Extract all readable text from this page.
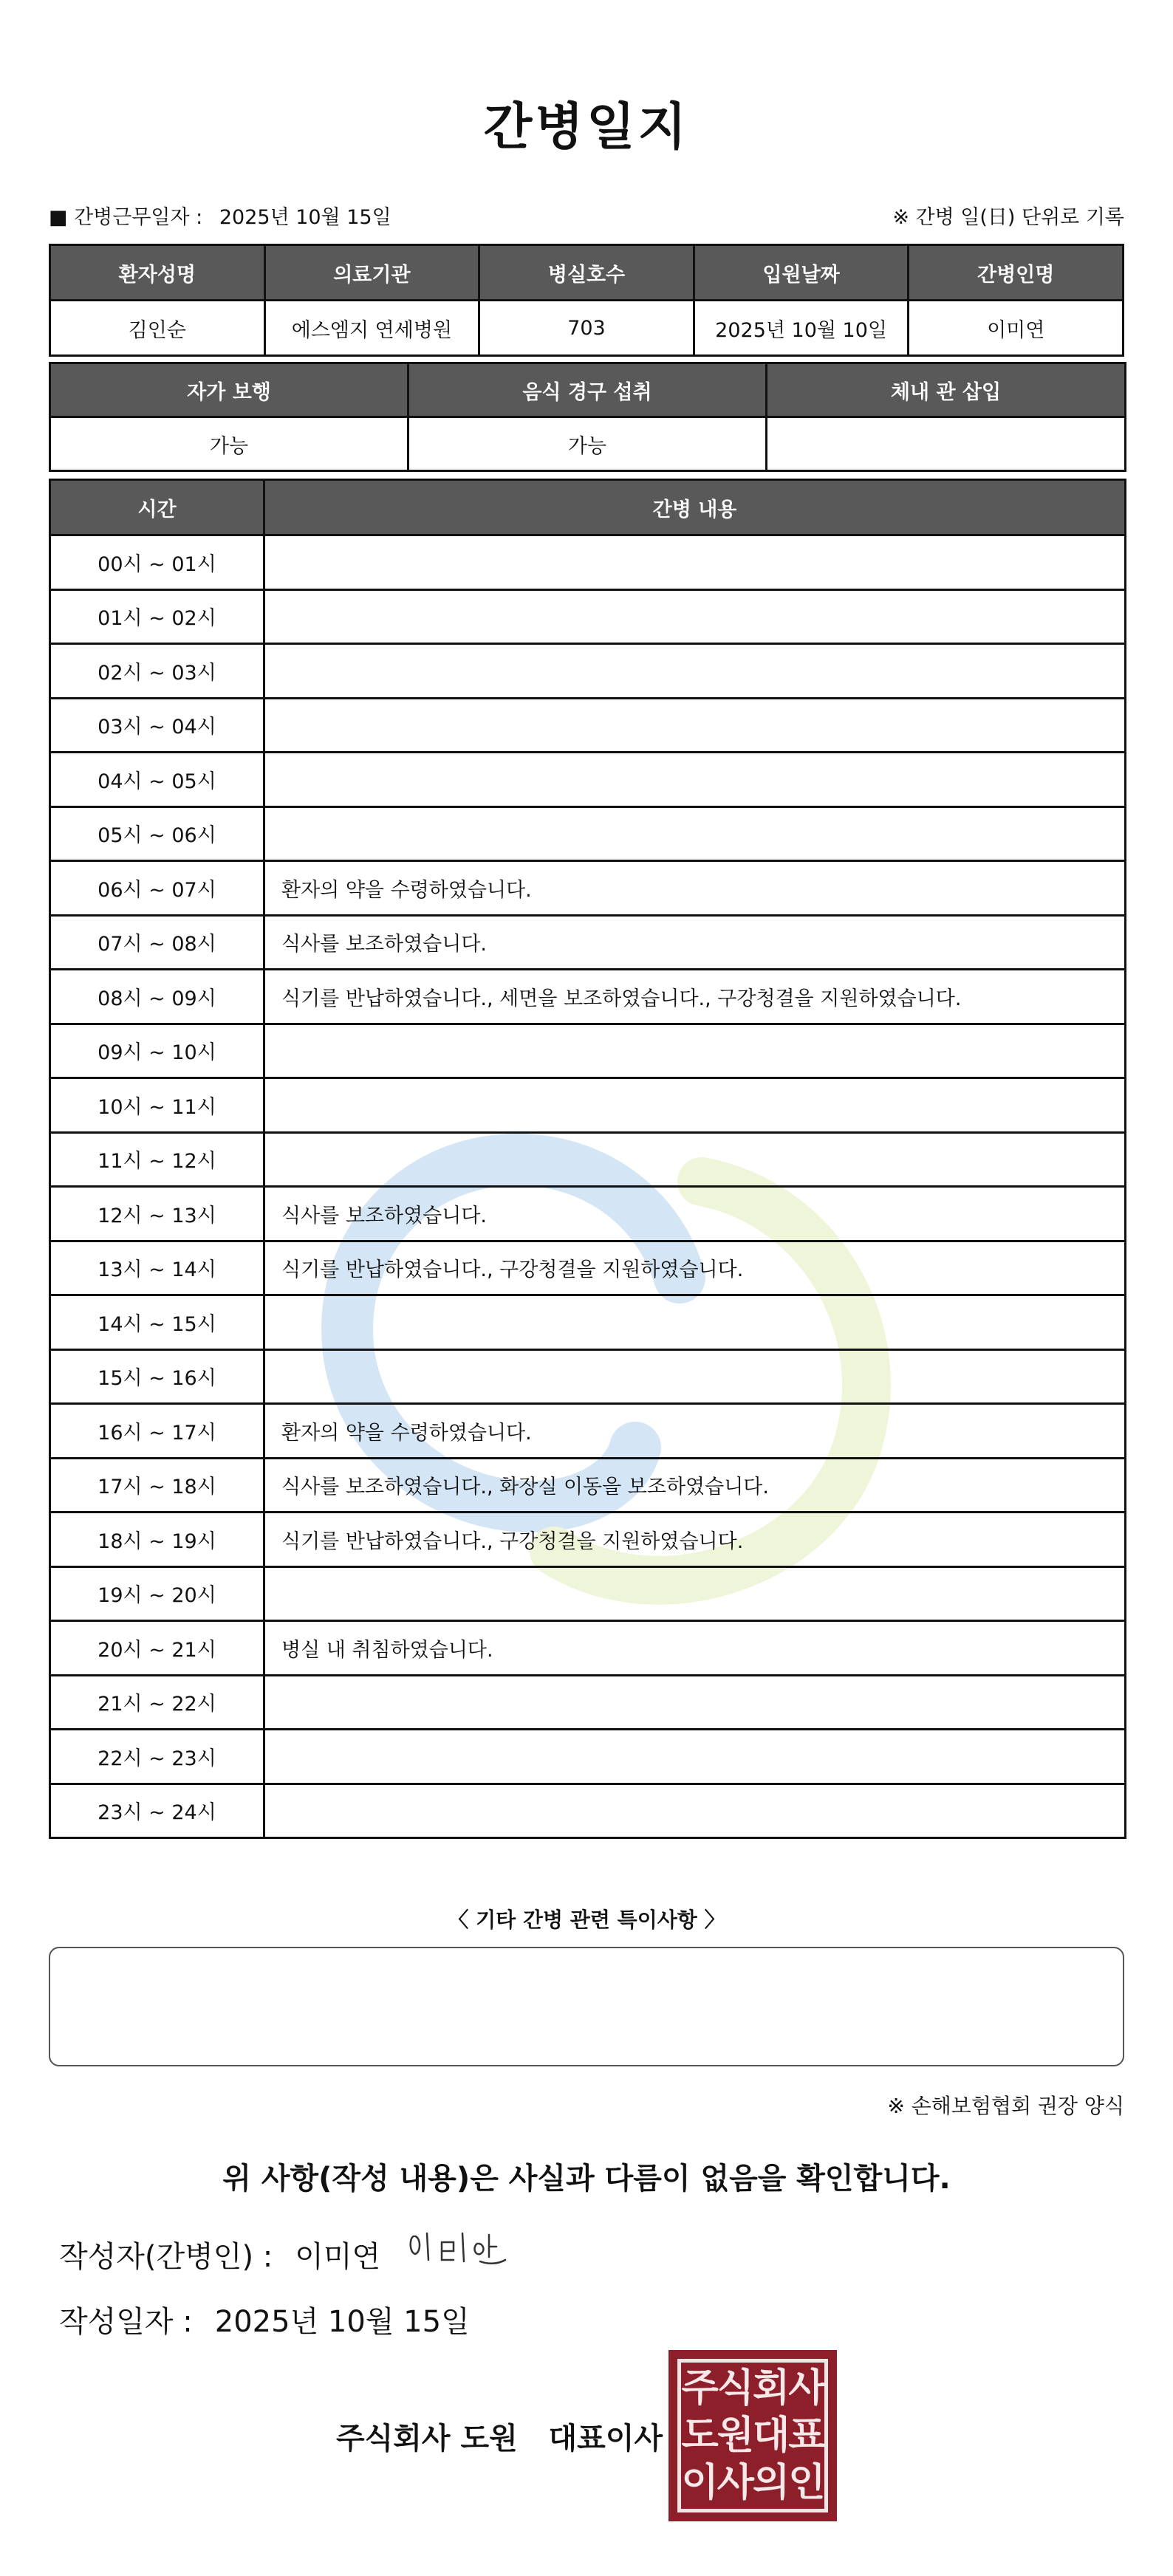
간병일지
■ 간병근무일자 : 2025년 10월 15일	※ 간병 일(日) 단위로 기록
환자성명	의료기관	병실호수	입원날짜	간병인명
김인순	에스엠지 연세병원	703	2025년 10월 10일	이미연
자가 보행	음식 경구 섭취	체내 관 삽입
가능	가능	
시간	간병 내용
00시 ~ 01시	
01시 ~ 02시	
02시 ~ 03시	
03시 ~ 04시	
04시 ~ 05시	
05시 ~ 06시	
06시 ~ 07시	환자의 약을 수령하였습니다.
07시 ~ 08시	식사를 보조하였습니다.
08시 ~ 09시	식기를 반납하였습니다., 세면을 보조하였습니다., 구강청결을 지원하였습니다.
09시 ~ 10시	
10시 ~ 11시	
11시 ~ 12시	
12시 ~ 13시	식사를 보조하였습니다.
13시 ~ 14시	식기를 반납하였습니다., 구강청결을 지원하였습니다.
14시 ~ 15시	
15시 ~ 16시	
16시 ~ 17시	환자의 약을 수령하였습니다.
17시 ~ 18시	식사를 보조하였습니다., 화장실 이동을 보조하였습니다.
18시 ~ 19시	식기를 반납하였습니다., 구강청결을 지원하였습니다.
19시 ~ 20시	
20시 ~ 21시	병실 내 취침하였습니다.
21시 ~ 22시	
22시 ~ 23시	
23시 ~ 24시	
〈 기타 간병 관련 특이사항 〉
※ 손해보험협회 권장 양식
위 사항(작성 내용)은 사실과 다름이 없음을 확인합니다.
작성자(간병인) : 이미연
작성일자 : 2025년 10월 15일
주식회사 도원   대표이사
주식회사
도원대표
이사의인
